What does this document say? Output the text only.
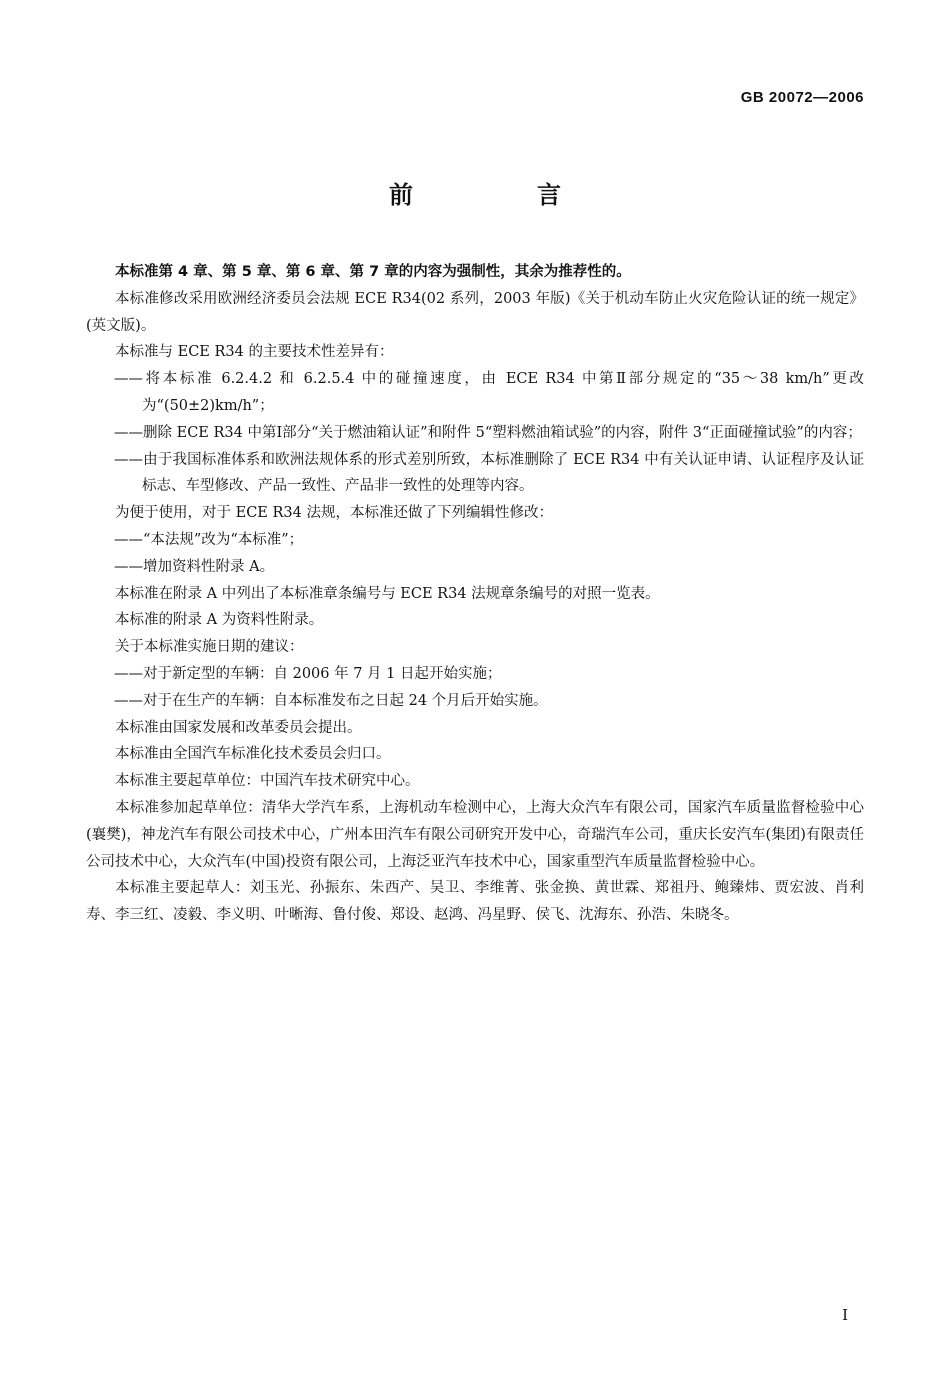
GB 20072—2006
前　言

本标准第 4 章、第 5 章、第 6 章、第 7 章的内容为强制性，其余为推荐性的。

本标准修改采用欧洲经济委员会法规 ECE R34(02 系列，2003 年版)《关于机动车防止火灾危险认证的统一规定》(英文版)。

本标准与 ECE R34 的主要技术性差异有：

——将本标准 6.2.4.2 和 6.2.5.4 中的碰撞速度，由 ECE R34 中第Ⅱ部分规定的“35～38 km/h”更改为“(50±2)km/h”；

——删除 ECE R34 中第Ⅰ部分“关于燃油箱认证”和附件 5“塑料燃油箱试验”的内容，附件 3“正面碰撞试验”的内容；

——由于我国标准体系和欧洲法规体系的形式差别所致，本标准删除了 ECE R34 中有关认证申请、认证程序及认证标志、车型修改、产品一致性、产品非一致性的处理等内容。

为便于使用，对于 ECE R34 法规，本标准还做了下列编辑性修改：

——“本法规”改为“本标准”；

——增加资料性附录 A。

本标准在附录 A 中列出了本标准章条编号与 ECE R34 法规章条编号的对照一览表。

本标准的附录 A 为资料性附录。

关于本标准实施日期的建议：

——对于新定型的车辆：自 2006 年 7 月 1 日起开始实施；

——对于在生产的车辆：自本标准发布之日起 24 个月后开始实施。

本标准由国家发展和改革委员会提出。

本标准由全国汽车标准化技术委员会归口。

本标准主要起草单位：中国汽车技术研究中心。

本标准参加起草单位：清华大学汽车系，上海机动车检测中心，上海大众汽车有限公司，国家汽车质量监督检验中心(襄樊)，神龙汽车有限公司技术中心，广州本田汽车有限公司研究开发中心，奇瑞汽车公司，重庆长安汽车(集团)有限责任公司技术中心，大众汽车(中国)投资有限公司，上海泛亚汽车技术中心，国家重型汽车质量监督检验中心。

本标准主要起草人：刘玉光、孙振东、朱西产、吴卫、李维菁、张金换、黄世霖、郑祖丹、鲍臻炜、贾宏波、肖利寿、李三红、凌毅、李义明、叶晰海、鲁付俊、郑设、赵鸿、冯星野、侯飞、沈海东、孙浩、朱晓冬。

I
